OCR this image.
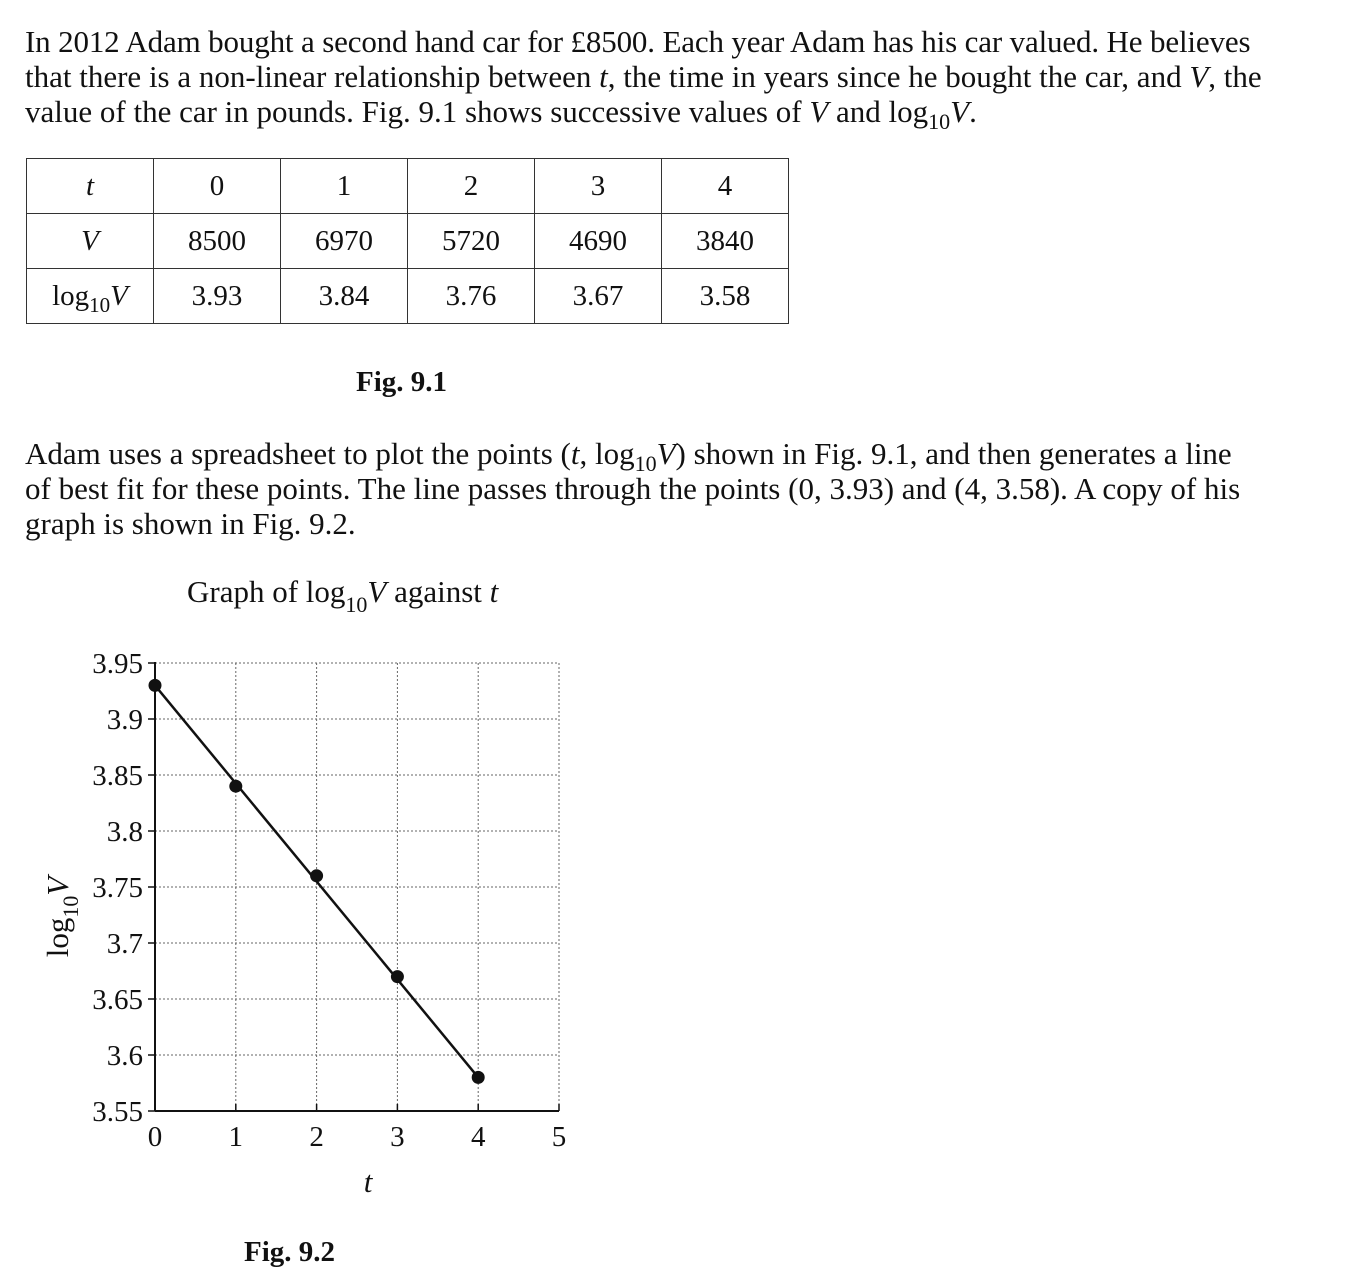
In 2012 Adam bought a second hand car for £8500. Each year Adam has his car valued. He believes
that there is a non-linear relationship between t, the time in years since he bought the car, and V, the
value of the car in pounds. Fig. 9.1 shows successive values of V and $\log_{10}V$.

t	0	1	2	3	4
V	8500	6970	5720	4690	3840
$\log_{10}V$	3.93	3.84	3.76	3.67	3.58
Fig. 9.1

Adam uses a spreadsheet to plot the points (t, $\log_{10}V$) shown in Fig. 9.1, and then generates a line
of best fit for these points. The line passes through the points (0, 3.93) and (4, 3.58). A copy of his
graph is shown in Fig. 9.2.

Graph of $\log_{10}V$ against t
3.95
3.9
3.85
3.8
3.75
3.7
3.65
3.6
3.55
0 1 2 3 4 5
t
$\log_{10}V$
Fig. 9.2
